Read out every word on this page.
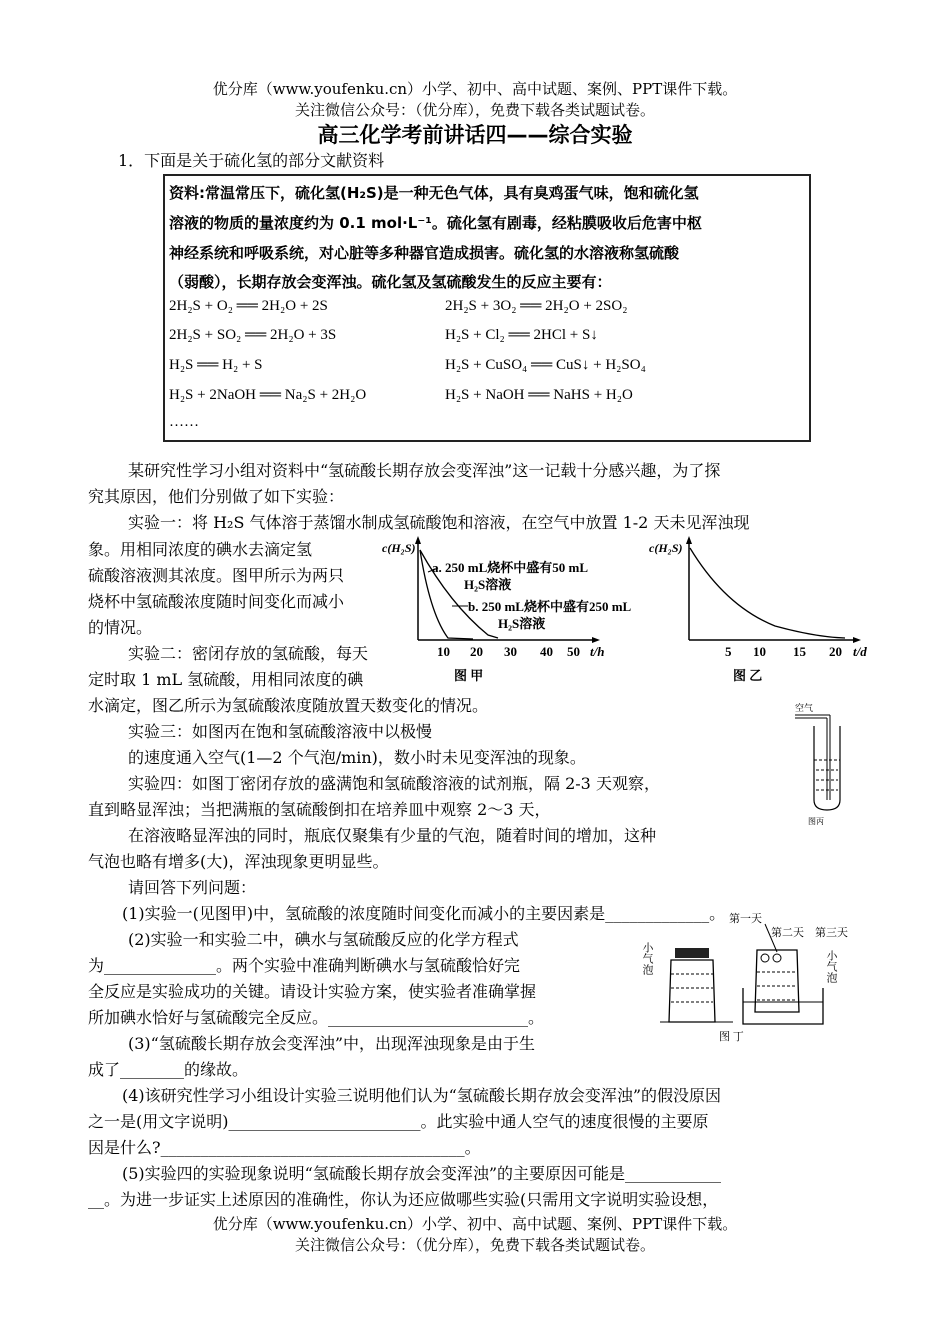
优分库（www.youfenku.cn）小学、初中、高中试题、案例、PPT课件下载。
关注微信公众号：（优分库），免费下载各类试题试卷。
高三化学考前讲话四——综合实验
1．下面是关于硫化氢的部分文献资料
资料:常温常压下，硫化氢(H₂S)是一种无色气体，具有臭鸡蛋气味，饱和硫化氢
溶液的物质的量浓度约为 0.1 mol·L⁻¹。硫化氢有剧毒，经粘膜吸收后危害中枢
神经系统和呼吸系统，对心脏等多种器官造成损害。硫化氢的水溶液称氢硫酸
（弱酸），长期存放会变浑浊。硫化氢及氢硫酸发生的反应主要有：
2H₂S + O₂ ══ 2H₂O + 2S	2H₂S + 3O₂ ══ 2H₂O + 2SO₂
2H₂S + SO₂ ══ 2H₂O + 3S	H₂S + Cl₂ ══ 2HCl + S↓
H₂S ══ H₂ + S	H₂S + CuSO₄ ══ CuS↓ + H₂SO₄
H₂S + 2NaOH ══ Na₂S + 2H₂O	H₂S + NaOH ══ NaHS + H₂O
……
某研究性学习小组对资料中“氢硫酸长期存放会变浑浊”这一记载十分感兴趣，为了探
究其原因，他们分别做了如下实验：
实验一：将 H₂S 气体溶于蒸馏水制成氢硫酸饱和溶液，在空气中放置 1-2 天未见浑浊现
象。用相同浓度的碘水去滴定氢
硫酸溶液测其浓度。图甲所示为两只
烧杯中氢硫酸浓度随时间变化而减小
的情况。
实验二：密闭存放的氢硫酸，每天
定时取 1 mL 氢硫酸，用相同浓度的碘
水滴定，图乙所示为氢硫酸浓度随放置天数变化的情况。
实验三：如图丙在饱和氢硫酸溶液中以极慢
的速度通入空气(1—2 个气泡/min)，数小时未见变浑浊的现象。
实验四：如图丁密闭存放的盛满饱和氢硫酸溶液的试剂瓶，隔 2-3 天观察，
直到略显浑浊；当把满瓶的氢硫酸倒扣在培养皿中观察 2～3 天，
在溶液略显浑浊的同时，瓶底仅聚集有少量的气泡，随着时间的增加，这种
气泡也略有增多(大)，浑浊现象更明显些。
请回答下列问题：
(1)实验一(见图甲)中，氢硫酸的浓度随时间变化而减小的主要因素是_____________。
(2)实验一和实验二中，碘水与氢硫酸反应的化学方程式
为______________。两个实验中准确判断碘水与氢硫酸恰好完
全反应是实验成功的关键。请设计实验方案，使实验者准确掌握
所加碘水恰好与氢硫酸完全反应。_________________________。
(3)“氢硫酸长期存放会变浑浊”中，出现浑浊现象是由于生
成了________的缘故。
(4)该研究性学习小组设计实验三说明他们认为“氢硫酸长期存放会变浑浊”的假没原因
之一是(用文字说明)________________________。此实验中通人空气的速度很慢的主要原
因是什么?______________________________________。
(5)实验四的实验现象说明“氢硫酸长期存放会变浑浊”的主要原因可能是____________
__。为进一步证实上述原因的准确性，你认为还应做哪些实验(只需用文字说明实验设想，
优分库（www.youfenku.cn）小学、初中、高中试题、案例、PPT课件下载。
关注微信公众号：（优分库），免费下载各类试题试卷。
c(H₂S)
a. 250 mL烧杯中盛有50 mL
H₂S溶液
b. 250 mL烧杯中盛有250 mL
H₂S溶液
10 20 30 40 50 t/h
图 甲
c(H₂S)
5 10 15 20 t/d
图 乙
空气
图丙
小气泡
第一天
第二天 第三天
小气泡
图 丁
